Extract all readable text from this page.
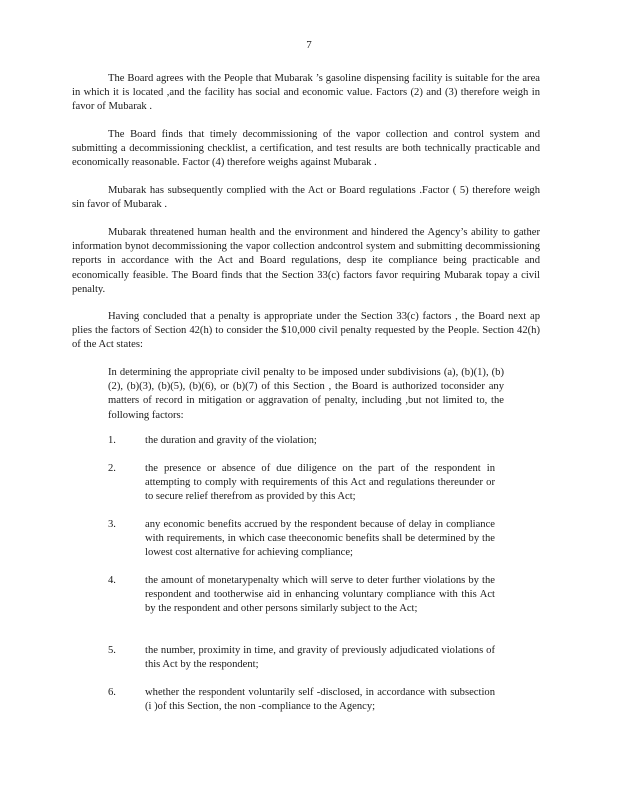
7
The Board agrees with the People that Mubarak ’s gasoline dispensing facility is suitable for the area in which it is located ,and the facility has social and economic value. Factors (2) and (3) therefore weigh in favor of Mubarak .
The Board finds that timely decommissioning of the vapor collection and control system and submitting a decommissioning checklist, a certification, and test results are both technically practicable and economically reasonable. Factor (4) therefore weighs against Mubarak .
Mubarak has subsequently complied with the Act or Board regulations .Factor ( 5) therefore weigh sin favor of Mubarak .
Mubarak threatened human health and the environment and hindered the Agency’s ability to gather information bynot decommissioning the vapor collection andcontrol system and submitting decommissioning reports in accordance with the Act and Board regulations, desp ite compliance being practicable and economically feasible. The Board finds that the Section 33(c) factors favor requiring Mubarak topay a civil penalty.
Having concluded that a penalty is appropriate under the Section 33(c) factors , the Board next ap plies the factors of Section 42(h) to consider the $10,000 civil penalty requested by the People. Section 42(h) of the Act states:
In determining the appropriate civil penalty to be imposed under subdivisions (a), (b)(1), (b)(2), (b)(3), (b)(5), (b)(6), or (b)(7) of this Section , the Board is authorized toconsider any matters of record in mitigation or aggravation of penalty, including ,but not limited to, the following factors:
1.	the duration and gravity of the violation;
2.	the presence or absence of due diligence on the part of the respondent in attempting to comply with requirements of this Act and regulations thereunder or to secure relief therefrom as provided by this Act;
3.	any economic benefits accrued by the respondent because of delay in compliance with requirements, in which case theeconomic benefits shall be determined by the lowest cost alternative for achieving compliance;
4.	the amount of monetarypenalty which will serve to deter further violations by the respondent and tootherwise aid in enhancing voluntary compliance with this Act by the respondent and other persons similarly subject to the Act;
5.	the number, proximity in time, and gravity of previously adjudicated violations of this Act by the respondent;
6.	whether the respondent voluntarily self -disclosed, in accordance with subsection (i )of this Section, the non -compliance to the Agency;
